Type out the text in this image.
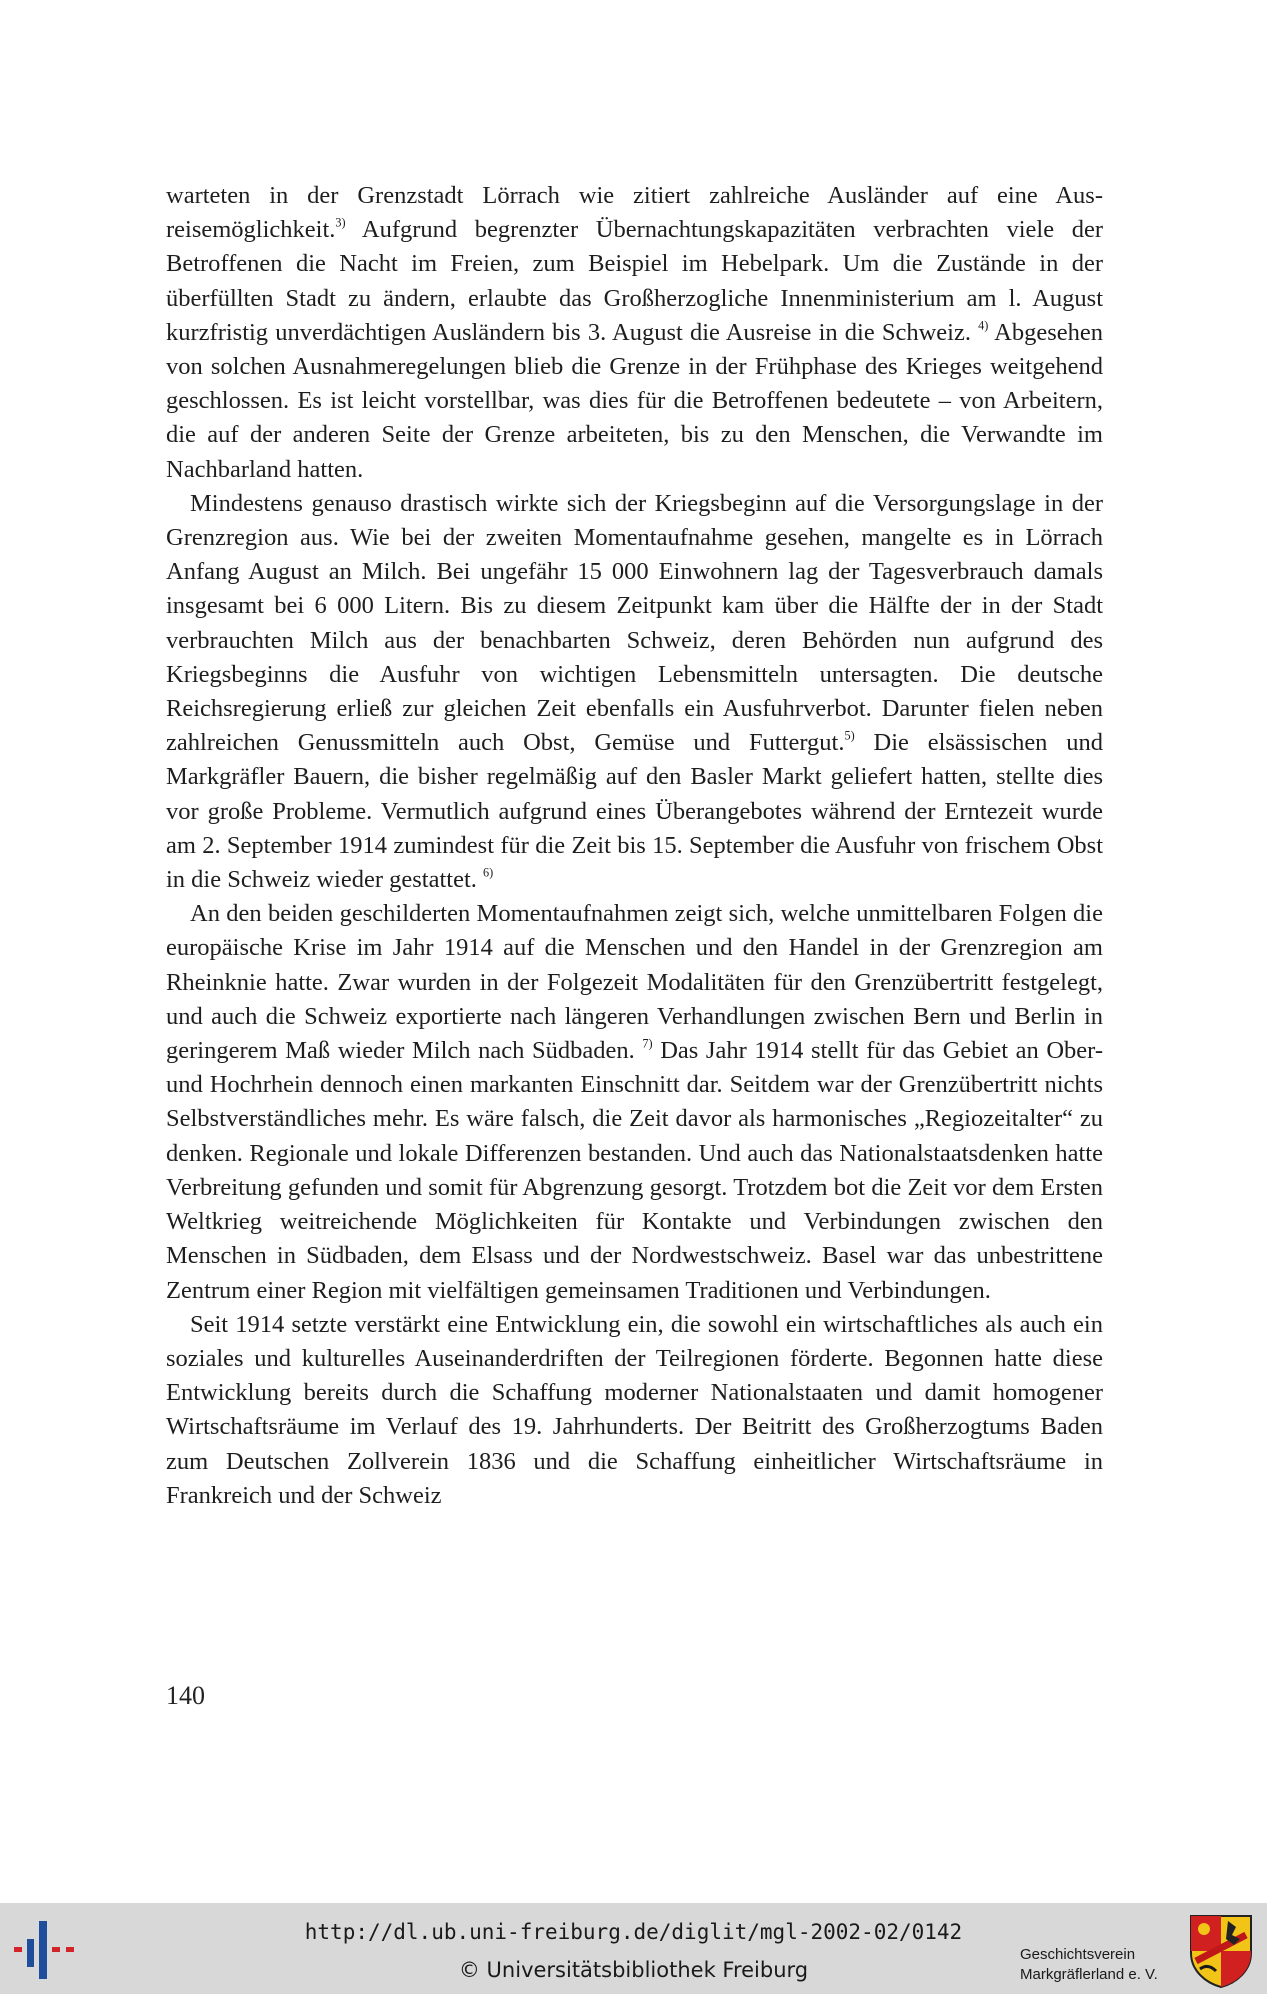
warteten in der Grenzstadt Lörrach wie zitiert zahlreiche Ausländer auf eine Ausreisemöglichkeit.$^{3)}$ Aufgrund begrenzter Übernachtungskapazitäten verbrachten viele der Betroffenen die Nacht im Freien, zum Beispiel im Hebelpark. Um die Zustände in der überfüllten Stadt zu ändern, erlaubte das Großherzogliche Innenministerium am l. August kurzfristig unverdächtigen Ausländern bis 3. August die Ausreise in die Schweiz. $^{4)}$ Abgesehen von solchen Ausnahmeregelungen blieb die Grenze in der Frühphase des Krieges weitgehend geschlossen. Es ist leicht vorstellbar, was dies für die Betroffenen bedeutete – von Arbeitern, die auf der anderen Seite der Grenze arbeiteten, bis zu den Menschen, die Verwandte im Nachbarland hatten.

Mindestens genauso drastisch wirkte sich der Kriegsbeginn auf die Versorgungslage in der Grenzregion aus. Wie bei der zweiten Momentaufnahme gesehen, mangelte es in Lörrach Anfang August an Milch. Bei ungefähr 15 000 Einwohnern lag der Tagesverbrauch damals insgesamt bei 6 000 Litern. Bis zu diesem Zeitpunkt kam über die Hälfte der in der Stadt verbrauchten Milch aus der benachbarten Schweiz, deren Behörden nun aufgrund des Kriegsbeginns die Ausfuhr von wichtigen Lebensmitteln untersagten. Die deutsche Reichsregierung erließ zur gleichen Zeit ebenfalls ein Ausfuhrverbot. Darunter fielen neben zahlreichen Genussmitteln auch Obst, Gemüse und Futtergut.$^{5)}$ Die elsässischen und Markgräfler Bauern, die bisher regelmäßig auf den Basler Markt geliefert hatten, stellte dies vor große Probleme. Vermutlich aufgrund eines Überangebotes während der Erntezeit wurde am 2. September 1914 zumindest für die Zeit bis 15. September die Ausfuhr von frischem Obst in die Schweiz wieder gestattet. $^{6)}$

An den beiden geschilderten Momentaufnahmen zeigt sich, welche unmittelbaren Folgen die europäische Krise im Jahr 1914 auf die Menschen und den Handel in der Grenzregion am Rheinknie hatte. Zwar wurden in der Folgezeit Modalitäten für den Grenzübertritt festgelegt, und auch die Schweiz exportierte nach längeren Verhandlungen zwischen Bern und Berlin in geringerem Maß wieder Milch nach Südbaden. $^{7)}$ Das Jahr 1914 stellt für das Gebiet an Ober- und Hochrhein dennoch einen markanten Einschnitt dar. Seitdem war der Grenzübertritt nichts Selbstverständliches mehr. Es wäre falsch, die Zeit davor als harmonisches „Regiozeitalter“ zu denken. Regionale und lokale Differenzen bestanden. Und auch das Nationalstaatsdenken hatte Verbreitung gefunden und somit für Abgrenzung gesorgt. Trotzdem bot die Zeit vor dem Ersten Weltkrieg weitreichende Möglichkeiten für Kontakte und Verbindungen zwischen den Menschen in Südbaden, dem Elsass und der Nordwestschweiz. Basel war das unbestrittene Zentrum einer Region mit vielfältigen gemeinsamen Traditionen und Verbindungen.

Seit 1914 setzte verstärkt eine Entwicklung ein, die sowohl ein wirtschaftliches als auch ein soziales und kulturelles Auseinanderdriften der Teilregionen förderte. Begonnen hatte diese Entwicklung bereits durch die Schaffung moderner Nationalstaaten und damit homogener Wirtschaftsräume im Verlauf des 19. Jahrhunderts. Der Beitritt des Großherzogtums Baden zum Deutschen Zollverein 1836 und die Schaffung einheitlicher Wirtschaftsräume in Frankreich und der Schweiz

140
http://dl.ub.uni-freiburg.de/diglit/mgl-2002-02/0142
© Universitätsbibliothek Freiburg
Geschichtsverein
Markgräflerland e. V.
